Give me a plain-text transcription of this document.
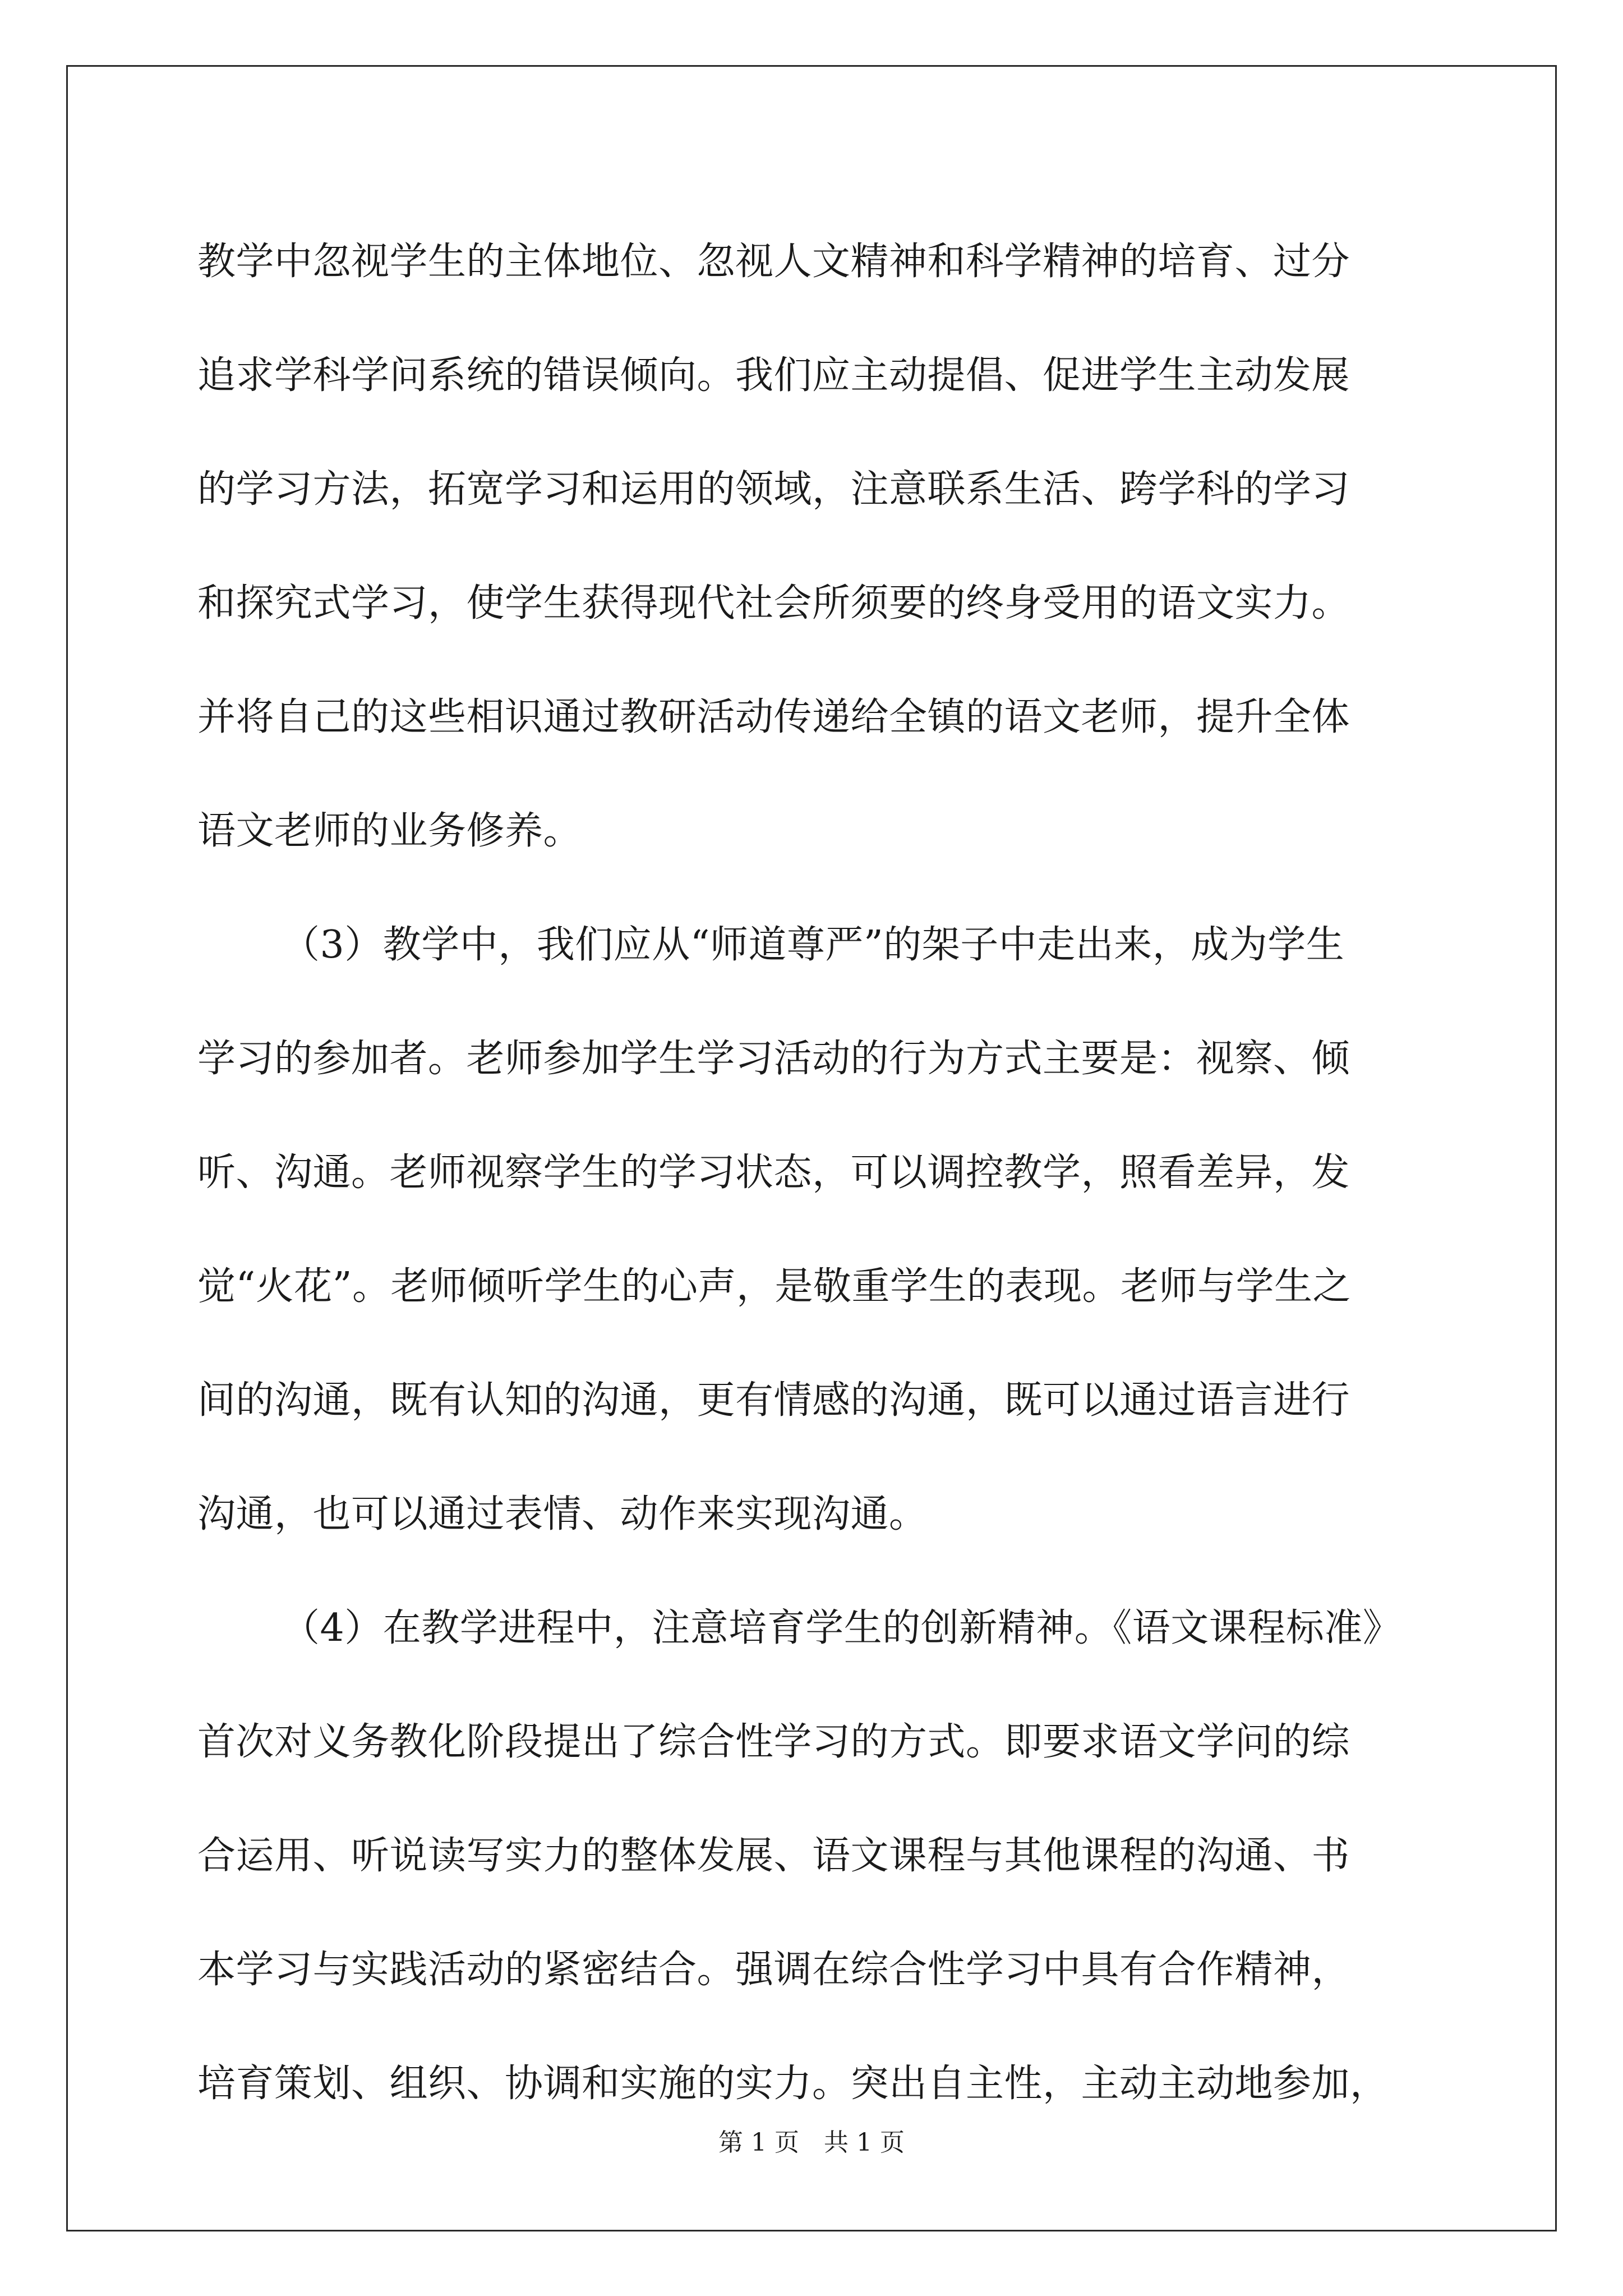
教学中忽视学生的主体地位、忽视人文精神和科学精神的培育、过分
追求学科学问系统的错误倾向。我们应主动提倡、促进学生主动发展
的学习方法，拓宽学习和运用的领域，注意联系生活、跨学科的学习
和探究式学习，使学生获得现代社会所须要的终身受用的语文实力。
并将自己的这些相识通过教研活动传递给全镇的语文老师，提升全体
语文老师的业务修养。
（3）教学中，我们应从“师道尊严”的架子中走出来，成为学生
学习的参加者。老师参加学生学习活动的行为方式主要是：视察、倾
听、沟通。老师视察学生的学习状态，可以调控教学，照看差异，发
觉“火花”。老师倾听学生的心声，是敬重学生的表现。老师与学生之
间的沟通，既有认知的沟通，更有情感的沟通，既可以通过语言进行
沟通，也可以通过表情、动作来实现沟通。
（4）在教学进程中，注意培育学生的创新精神。《语文课程标准》
首次对义务教化阶段提出了综合性学习的方式。即要求语文学问的综
合运用、听说读写实力的整体发展、语文课程与其他课程的沟通、书
本学习与实践活动的紧密结合。强调在综合性学习中具有合作精神，
培育策划、组织、协调和实施的实力。突出自主性，主动主动地参加，
第 1 页　共 1 页
